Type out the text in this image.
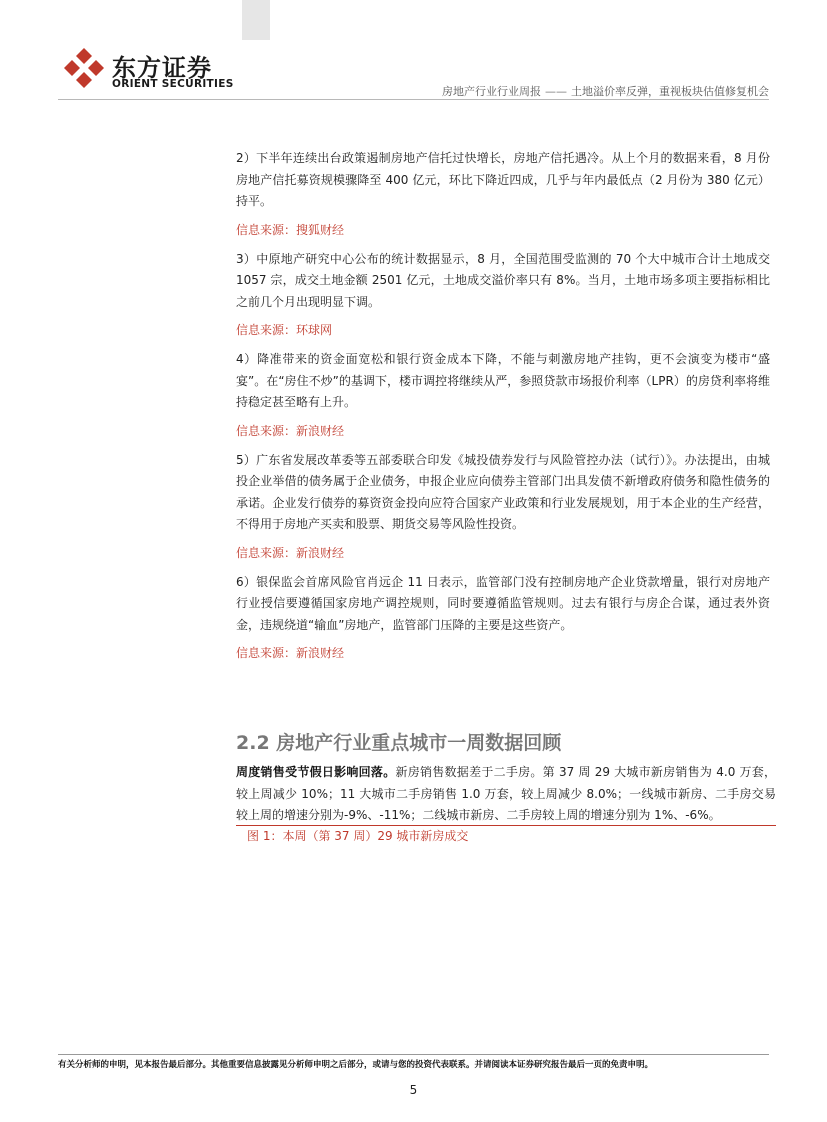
东方证券
ORIENT SECURITIES
房地产行业行业周报 —— 土地溢价率反弹，重视板块估值修复机会

2）下半年连续出台政策遏制房地产信托过快增长，房地产信托遇冷。从上个月的数据来看，8 月份房地产信托募资规模骤降至 400 亿元，环比下降近四成，几乎与年内最低点（2 月份为 380 亿元）持平。

信息来源：搜狐财经

3）中原地产研究中心公布的统计数据显示，8 月，全国范围受监测的 70 个大中城市合计土地成交 1057 宗，成交土地金额 2501 亿元，土地成交溢价率只有 8%。当月，土地市场多项主要指标相比之前几个月出现明显下调。

信息来源：环球网

4）降准带来的资金面宽松和银行资金成本下降，不能与刺激房地产挂钩，更不会演变为楼市“盛宴”。在“房住不炒”的基调下，楼市调控将继续从严，参照贷款市场报价利率（LPR）的房贷利率将维持稳定甚至略有上升。

信息来源：新浪财经

5）广东省发展改革委等五部委联合印发《城投债券发行与风险管控办法（试行）》。办法提出，由城投企业举借的债务属于企业债务，申报企业应向债券主管部门出具发债不新增政府债务和隐性债务的承诺。企业发行债券的募资资金投向应符合国家产业政策和行业发展规划，用于本企业的生产经营，不得用于房地产买卖和股票、期货交易等风险性投资。

信息来源：新浪财经

6）银保监会首席风险官肖远企 11 日表示，监管部门没有控制房地产企业贷款增量，银行对房地产行业授信要遵循国家房地产调控规则，同时要遵循监管规则。过去有银行与房企合谋，通过表外资金，违规绕道“输血”房地产，监管部门压降的主要是这些资产。

信息来源：新浪财经

2.2 房地产行业重点城市一周数据回顾

周度销售受节假日影响回落。新房销售数据差于二手房。第 37 周 29 大城市新房销售为 4.0 万套，较上周减少 10%；11 大城市二手房销售 1.0 万套，较上周减少 8.0%；一线城市新房、二手房交易较上周的增速分别为-9%、-11%；二线城市新房、二手房较上周的增速分别为 1%、-6%。

图 1：本周（第 37 周）29 城市新房成交
有关分析师的申明，见本报告最后部分。其他重要信息披露见分析师申明之后部分，或请与您的投资代表联系。并请阅读本证券研究报告最后一页的免责申明。
5
